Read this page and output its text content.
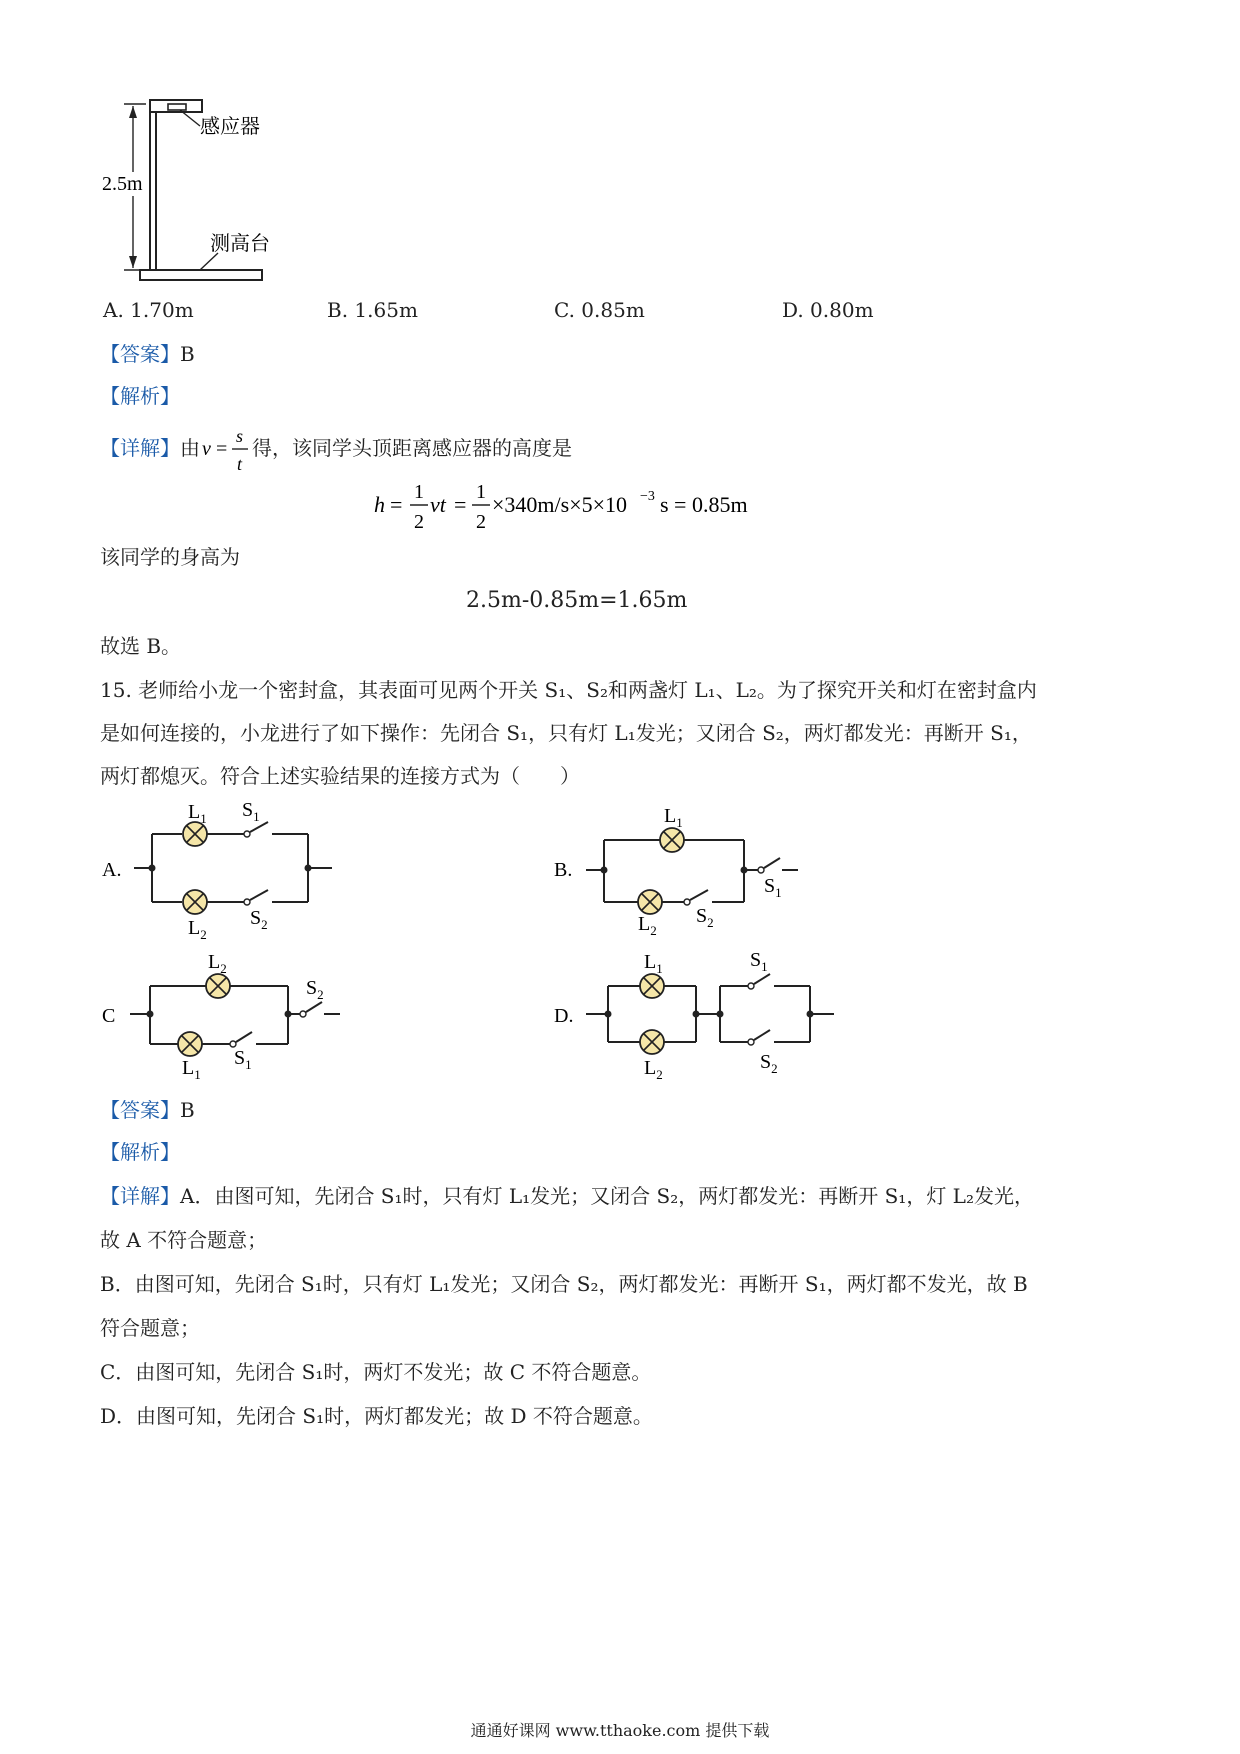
2.5m
感应器
测高台
A. 1.70m	B. 1.65m	C. 0.85m	D. 0.80m
【答案】B
【解析】
【详解】由 v =
s
t
得，该同学头顶距离感应器的高度是
h = 1
2
vt = 1
2
×340m/s×5×10 −3 s = 0.85m
该同学的身高为
2.5m-0.85m=1.65m
故选 B。
15. 老师给小龙一个密封盒，其表面可见两个开关 S₁、S₂和两盏灯 L₁、L₂。为了探究开关和灯在密封盒内
是如何连接的，小龙进行了如下操作：先闭合 S₁，只有灯 L₁发光；又闭合 S₂，两灯都发光：再断开 S₁，
两灯都熄灭。符合上述实验结果的连接方式为（　　）
A.
$L_1$ $S_1$
$L_2$
$S_2$
B.
$L_1$
$L_2$
$S_2$
$S_1$
C
$L_2$
$L_1$
$S_1$
$S_2$
D.
$L_1$
$L_2$
$S_1$
$S_2$
【答案】B
【解析】
【详解】A．由图可知，先闭合 S₁时，只有灯 L₁发光；又闭合 S₂，两灯都发光：再断开 S₁，灯 L₂发光，
故 A 不符合题意；
B．由图可知，先闭合 S₁时，只有灯 L₁发光；又闭合 S₂，两灯都发光：再断开 S₁，两灯都不发光，故 B
符合题意；
C．由图可知，先闭合 S₁时，两灯不发光；故 C 不符合题意。
D．由图可知，先闭合 S₁时，两灯都发光；故 D 不符合题意。
通通好课网 www.tthaoke.com 提供下载
